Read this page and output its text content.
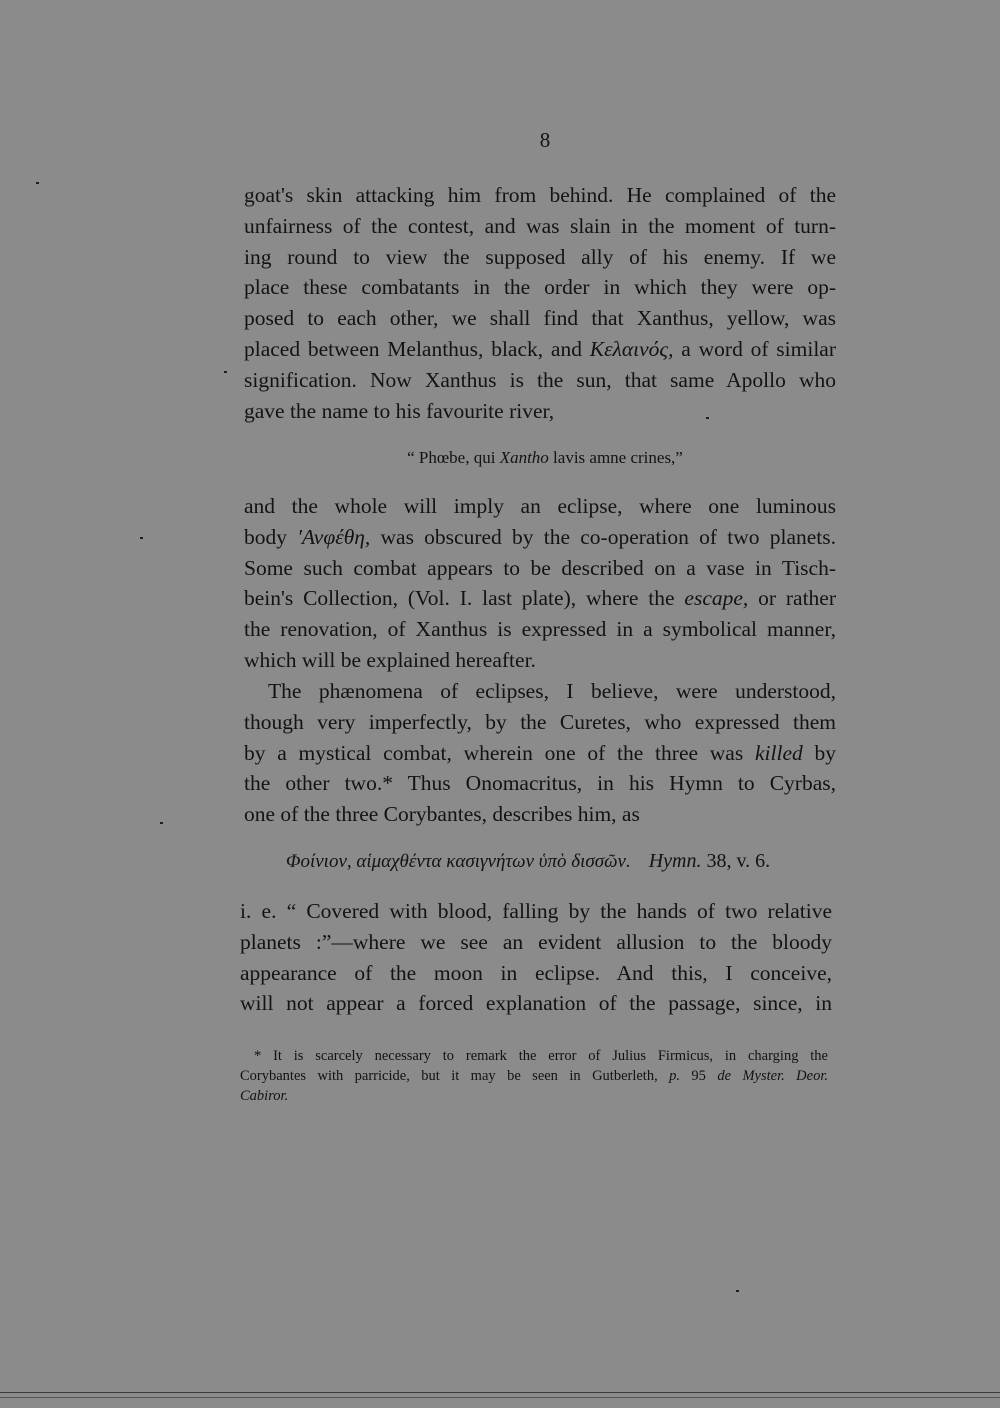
8
goat's skin attacking him from behind. He complained of the
unfairness of the contest, and was slain in the moment of turn-
ing round to view the supposed ally of his enemy. If we
place these combatants in the order in which they were op-
posed to each other, we shall find that Xanthus, yellow, was
placed between Melanthus, black, and Κελαινός, a word of similar
signification. Now Xanthus is the sun, that same Apollo who
gave the name to his favourite river,
“ Phœbe, qui Xantho lavis amne crines,”
and the whole will imply an eclipse, where one luminous
body 'Ανφέθη, was obscured by the co-operation of two planets.
Some such combat appears to be described on a vase in Tisch-
bein's Collection, (Vol. I. last plate), where the escape, or rather
the renovation, of Xanthus is expressed in a symbolical manner,
which will be explained hereafter.
The phænomena of eclipses, I believe, were understood,
though very imperfectly, by the Curetes, who expressed them
by a mystical combat, wherein one of the three was killed by
the other two.* Thus Onomacritus, in his Hymn to Cyrbas,
one of the three Corybantes, describes him, as
Φοίνιον, αἱμαχθέντα κασιγνήτων ὑπὸ δισσῶν. Hymn. 38, v. 6.
i. e. “ Covered with blood, falling by the hands of two relative
planets :”—where we see an evident allusion to the bloody
appearance of the moon in eclipse. And this, I conceive,
will not appear a forced explanation of the passage, since, in
* It is scarcely necessary to remark the error of Julius Firmicus, in charging the
Corybantes with parricide, but it may be seen in Gutberleth, p. 95 de Myster. Deor.
Cabiror.
